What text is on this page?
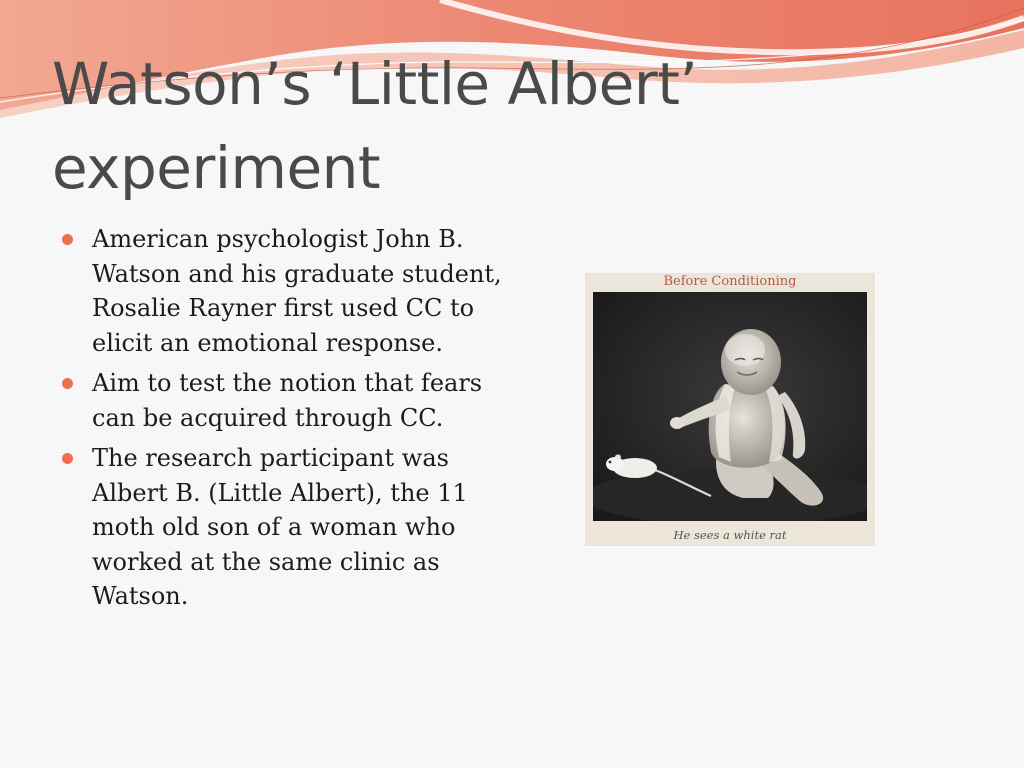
Watson’s ‘Little Albert’
experiment
American psychologist John B. Watson and his graduate student, Rosalie Rayner first used CC to elicit an emotional response.
Aim to test the notion that fears can be acquired through CC.
The research participant was Albert B. (Little Albert), the 11 moth old son of a woman who worked at the same clinic as Watson.
Before Conditioning
He sees a white rat
